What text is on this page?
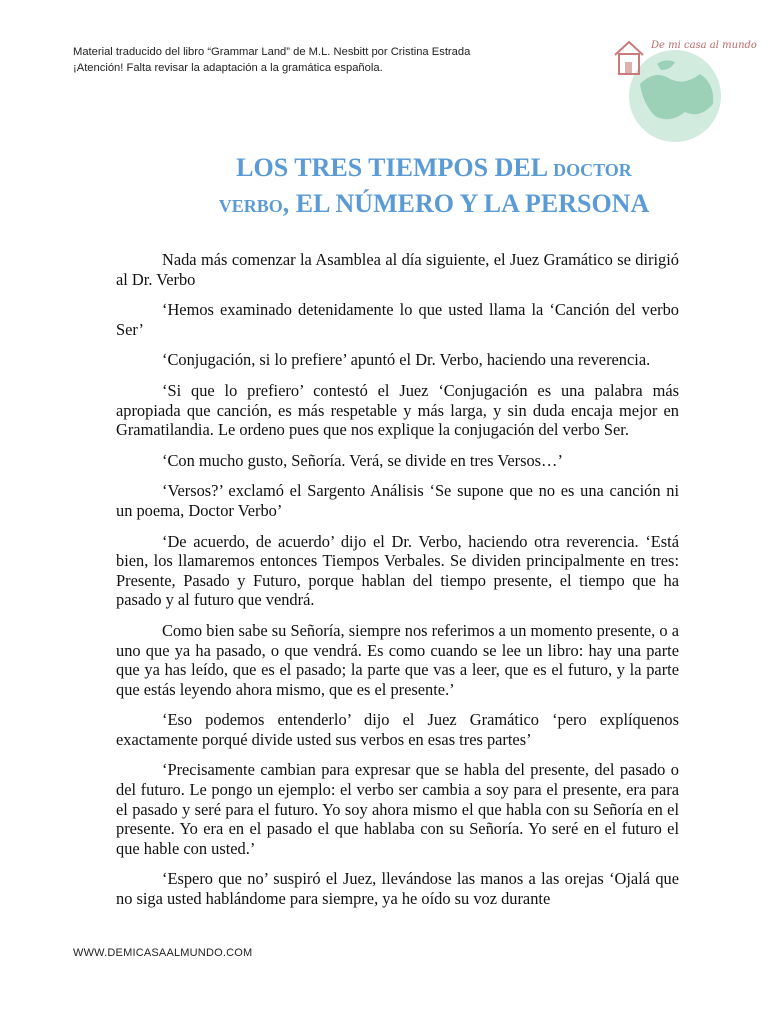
Material traducido del libro “Grammar Land” de M.L. Nesbitt por Cristina Estrada
¡Atención! Falta revisar la adaptación a la gramática española.
De mi casa al mundo
LOS TRES TIEMPOS DEL doctor
verbo, EL NÚMERO Y LA PERSONA

Nada más comenzar la Asamblea al día siguiente, el Juez Gramático se dirigió al Dr. Verbo

‘Hemos examinado detenidamente lo que usted llama la ‘Canción del verbo Ser’

‘Conjugación, si lo prefiere’ apuntó el Dr. Verbo, haciendo una reverencia.

‘Si que lo prefiero’ contestó el Juez ‘Conjugación es una palabra más apropiada que canción, es más respetable y más larga, y sin duda encaja mejor en Gramatilandia. Le ordeno pues que nos explique la conjugación del verbo Ser.

‘Con mucho gusto, Señoría. Verá, se divide en tres Versos…’

‘Versos?’ exclamó el Sargento Análisis ‘Se supone que no es una canción ni un poema, Doctor Verbo’

‘De acuerdo, de acuerdo’ dijo el Dr. Verbo, haciendo otra reverencia. ‘Está bien, los llamaremos entonces Tiempos Verbales. Se dividen principalmente en tres: Presente, Pasado y Futuro, porque hablan del tiempo presente, el tiempo que ha pasado y al futuro que vendrá.

Como bien sabe su Señoría, siempre nos referimos a un momento presente, o a uno que ya ha pasado, o que vendrá. Es como cuando se lee un libro: hay una parte que ya has leído, que es el pasado; la parte que vas a leer, que es el futuro, y la parte que estás leyendo ahora mismo, que es el presente.’

‘Eso podemos entenderlo’ dijo el Juez Gramático ‘pero explíquenos exactamente porqué divide usted sus verbos en esas tres partes’

‘Precisamente cambian para expresar que se habla del presente, del pasado o del futuro. Le pongo un ejemplo: el verbo ser cambia a soy para el presente, era para el pasado y seré para el futuro. Yo soy ahora mismo el que habla con su Señoría en el presente. Yo era en el pasado el que hablaba con su Señoría. Yo seré en el futuro el que hable con usted.’

‘Espero que no’ suspiró el Juez, llevándose las manos a las orejas ‘Ojalá que no siga usted hablándome para siempre, ya he oído su voz durante

WWW.DEMICASAALMUNDO.COM
